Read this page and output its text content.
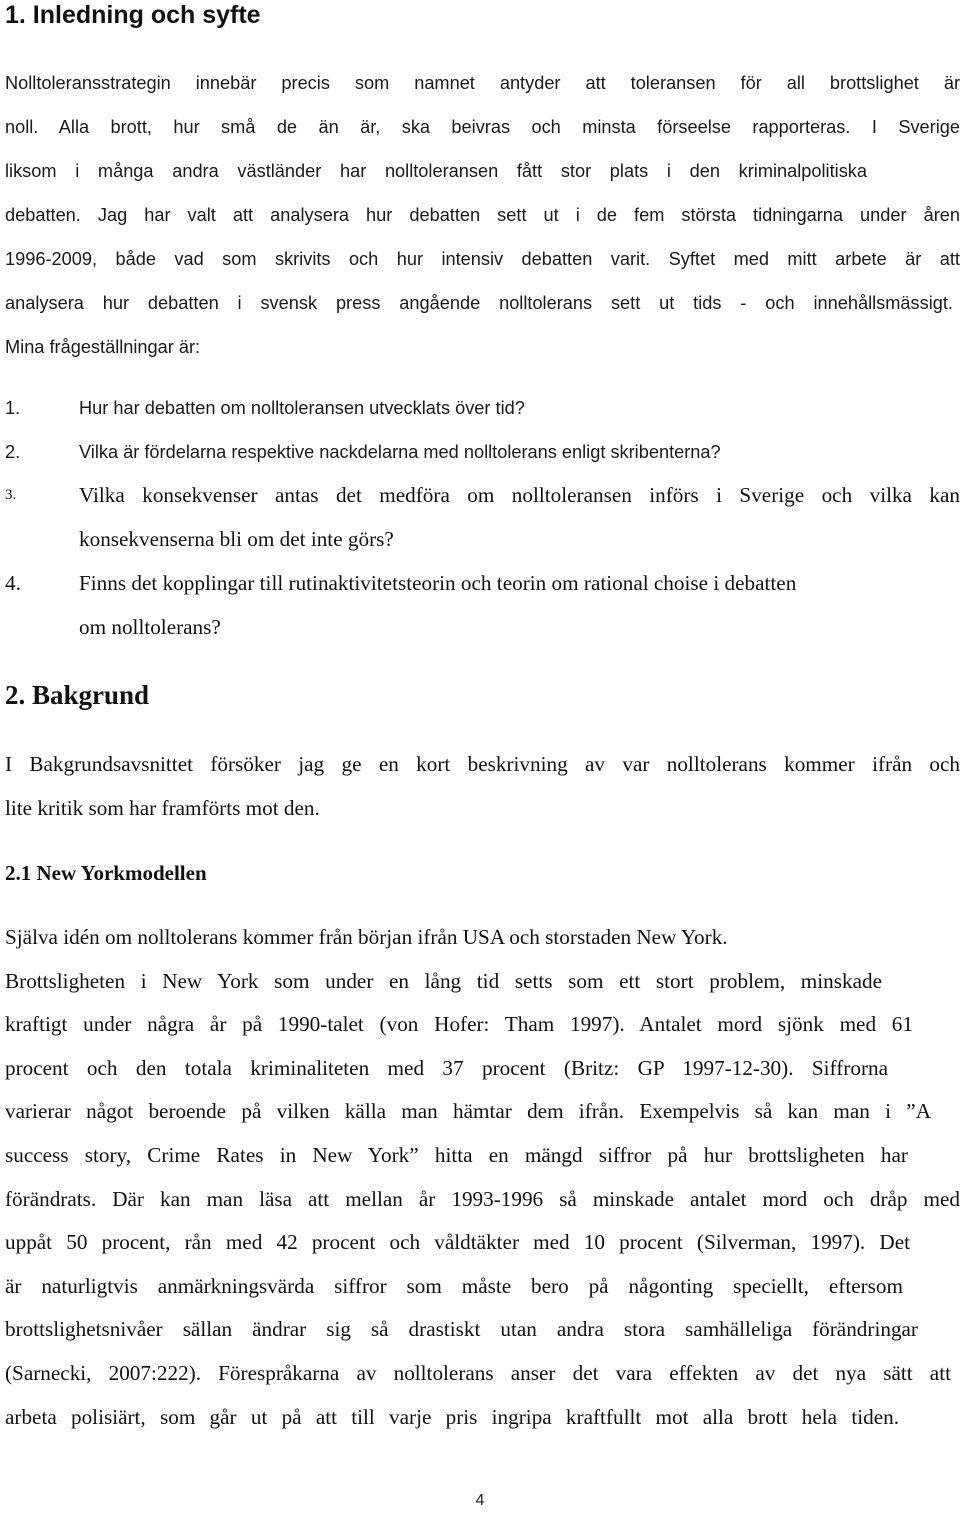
1. Inledning och syfte
Nolltoleransstrategin innebär precis som namnet antyder att toleransen för all brottslighet är
noll. Alla brott, hur små de än är, ska beivras och minsta förseelse rapporteras. I Sverige
liksom i många andra västländer har nolltoleransen fått stor plats i den kriminalpolitiska
debatten. Jag har valt att analysera hur debatten sett ut i de fem största tidningarna under åren
1996-2009, både vad som skrivits och hur intensiv debatten varit. Syftet med mitt arbete är att
analysera hur debatten i svensk press angående nolltolerans sett ut tids - och innehållsmässigt.
Mina frågeställningar är:
1.	Hur har debatten om nolltoleransen utvecklats över tid?
2.	Vilka är fördelarna respektive nackdelarna med nolltolerans enligt skribenterna?
3.	Vilka konsekvenser antas det medföra om nolltoleransen införs i Sverige och vilka kan
konsekvenserna bli om det inte görs?
4.	Finns det kopplingar till rutinaktivitetsteorin och teorin om rational choise i debatten
om nolltolerans?
2. Bakgrund
I Bakgrundsavsnittet försöker jag ge en kort beskrivning av var nolltolerans kommer ifrån och
lite kritik som har framförts mot den.
2.1 New Yorkmodellen
Själva idén om nolltolerans kommer från början ifrån USA och storstaden New York.
Brottsligheten i New York som under en lång tid setts som ett stort problem, minskade
kraftigt under några år på 1990-talet (von Hofer: Tham 1997). Antalet mord sjönk med 61
procent och den totala kriminaliteten med 37 procent (Britz: GP 1997-12-30). Siffrorna
varierar något beroende på vilken källa man hämtar dem ifrån. Exempelvis så kan man i ”A
success story, Crime Rates in New York” hitta en mängd siffror på hur brottsligheten har
förändrats. Där kan man läsa att mellan år 1993-1996 så minskade antalet mord och dråp med
uppåt 50 procent, rån med 42 procent och våldtäkter med 10 procent (Silverman, 1997). Det
är naturligtvis anmärkningsvärda siffror som måste bero på någonting speciellt, eftersom
brottslighetsnivåer sällan ändrar sig så drastiskt utan andra stora samhälleliga förändringar
(Sarnecki, 2007:222). Förespråkarna av nolltolerans anser det vara effekten av det nya sätt att
arbeta polisiärt, som går ut på att till varje pris ingripa kraftfullt mot alla brott hela tiden.
4
